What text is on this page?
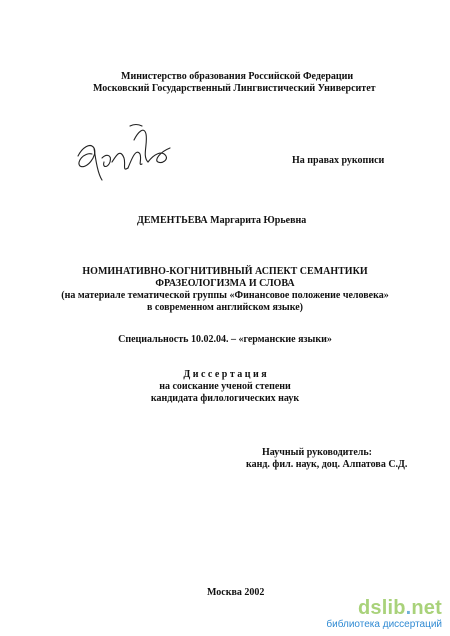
Министерство образования Российской Федерации
Московский Государственный Лингвистический Университет
На правах рукописи
ДЕМЕНТЬЕВА Маргарита Юрьевна
НОМИНАТИВНО-КОГНИТИВНЫЙ АСПЕКТ СЕМАНТИКИ
ФРАЗЕОЛОГИЗМА И СЛОВА
(на материале тематической группы «Финансовое положение человека»
в современном английском языке)
Специальность 10.02.04. – «германские языки»
Д и с с е р т а ц и я
на соискание ученой степени
кандидата филологических наук
Научный руководитель:
канд. фил. наук, доц. Алпатова С.Д.
Москва 2002
dslib.net
библиотека диссертаций
